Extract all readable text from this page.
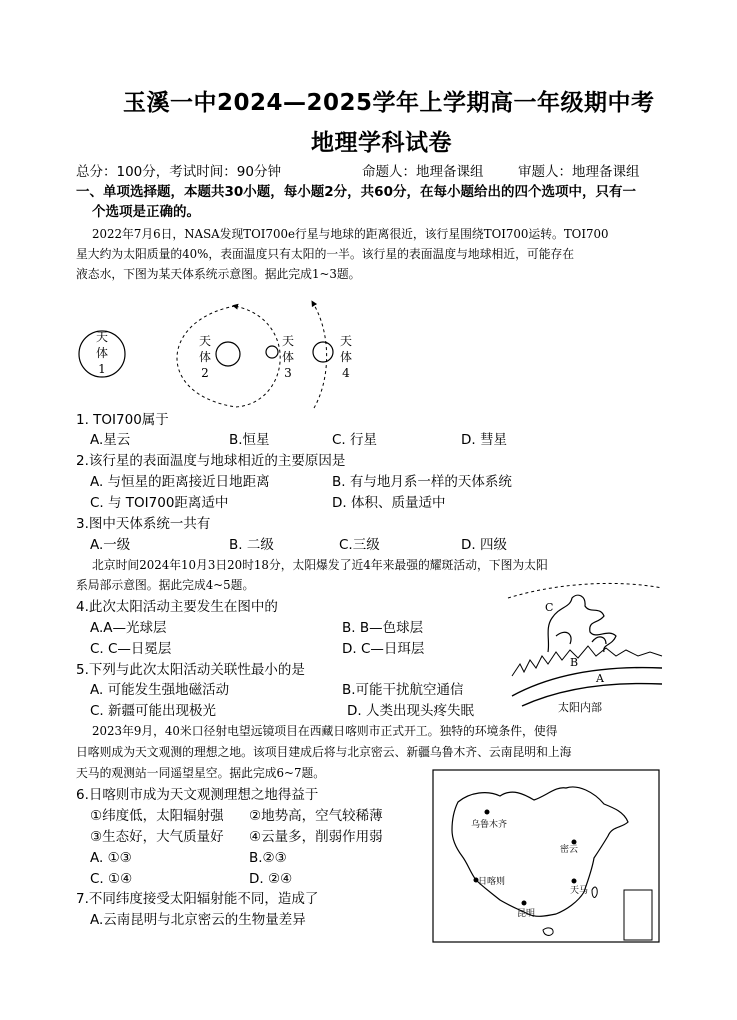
玉溪一中2024—2025学年上学期高一年级期中考
地理学科试卷
总分：100分，考试时间：90分钟	命题人：地理备课组	审题人：地理备课组
一、单项选择题，本题共30小题，每小题2分，共60分，在每小题给出的四个选项中，只有一
个选项是正确的。
2022年7月6日，NASA发现TOI700e行星与地球的距离很近，该行星围绕TOI700运转。TOI700
星大约为太阳质量的40%，表面温度只有太阳的一半。该行星的表面温度与地球相近，可能存在
液态水，下图为某天体系统示意图。据此完成1~3题。
天
体
1
天
体
2
天
体
3
天
体
4
1. TOI700属于
A.星云	B.恒星	C. 行星	D. 彗星
2.该行星的表面温度与地球相近的主要原因是
A. 与恒星的距离接近日地距离	B. 有与地月系一样的天体系统
C. 与 TOI700距离适中	D. 体积、质量适中
3.图中天体系统一共有
A.一级	B. 二级	C.三级	D. 四级
北京时间2024年10月3日20时18分，太阳爆发了近4年来最强的耀斑活动，下图为太阳
系局部示意图。据此完成4~5题。
C
B
A
太阳内部
4.此次太阳活动主要发生在图中的
A.A—光球层	B. B—色球层
C. C—日冕层	D. C—日珥层
5.下列与此次太阳活动关联性最小的是
A. 可能发生强地磁活动	B.可能干扰航空通信
C. 新疆可能出现极光	D. 人类出现头疼失眠
2023年9月，40米口径射电望远镜项目在西藏日喀则市正式开工。独特的环境条件，使得
日喀则成为天文观测的理想之地。该项目建成后将与北京密云、新疆乌鲁木齐、云南昆明和上海
天马的观测站一同遥望星空。据此完成6~7题。
乌鲁木齐
密云
日喀则
天马
昆明
6.日喀则市成为天文观测理想之地得益于
①纬度低，太阳辐射强 ②地势高，空气较稀薄
③生态好，大气质量好 ④云量多，削弱作用弱
A. ①③	B.②③
C. ①④	D. ②④
7.不同纬度接受太阳辐射能不同，造成了
A.云南昆明与北京密云的生物量差异
